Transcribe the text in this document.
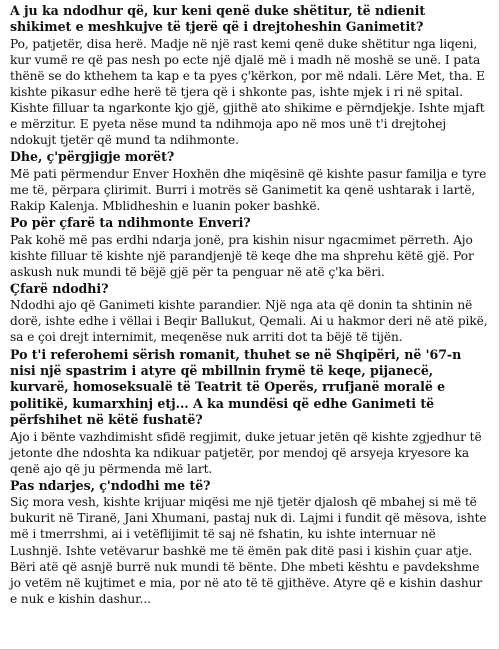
A ju ka ndodhur që, kur keni qenë duke shëtitur, të ndienit shikimet e meshkujve të tjerë që i drejtoheshin Ganimetit?

Po, patjetër, disa herë. Madje në një rast kemi qenë duke shëtitur nga liqeni, kur vumë re që pas nesh po ecte një djalë më i madh në moshë se unë. I pata thënë se do kthehem ta kap e ta pyes ç'kërkon, por më ndali. Lëre Met, tha. E kishte pikasur edhe herë të tjera që i shkonte pas, ishte mjek i ri në spital. Kishte filluar ta ngarkonte kjo gjë, gjithë ato shikime e përndjekje. Ishte mjaft e mërzitur. E pyeta nëse mund ta ndihmoja apo në mos unë t'i drejtohej ndokujt tjetër që mund ta ndihmonte.

Dhe, ç'përgjigje morët?

Më pati përmendur Enver Hoxhën dhe miqësinë që kishte pasur familja e tyre me të, përpara çlirimit. Burri i motrës së Ganimetit ka qenë ushtarak i lartë, Rakip Kalenja. Mblidheshin e luanin poker bashkë.

Po për çfarë ta ndihmonte Enveri?

Pak kohë më pas erdhi ndarja jonë, pra kishin nisur ngacmimet përreth. Ajo kishte filluar të kishte një parandjenjë të keqe dhe ma shprehu këtë gjë. Por askush nuk mundi të bëjë gjë për ta penguar në atë ç'ka bëri.

Çfarë ndodhi?

Ndodhi ajo që Ganimeti kishte parandier. Një nga ata që donin ta shtinin në dorë, ishte edhe i vëllai i Beqir Ballukut, Qemali. Ai u hakmor deri në atë pikë, sa e çoi drejt internimit, meqenëse nuk arriti dot ta bëjë të tijën.

Po t'i referohemi sërish romanit, thuhet se në Shqipëri, në '67-n nisi një spastrim i atyre që mbillnin frymë të keqe, pijanecë, kurvarë, homoseksualë të Teatrit të Operës, rrufjanë moralë e politikë, kumarxhinj etj... A ka mundësi që edhe Ganimeti të përfshihet në këtë fushatë?

Ajo i bënte vazhdimisht sfidë regjimit, duke jetuar jetën që kishte zgjedhur të jetonte dhe ndoshta ka ndikuar patjetër, por mendoj që arsyeja kryesore ka qenë ajo që ju përmenda më lart.

Pas ndarjes, ç'ndodhi me të?

Siç mora vesh, kishte krijuar miqësi me një tjetër djalosh që mbahej si më të bukurit në Tiranë, Jani Xhumani, pastaj nuk di. Lajmi i fundit që mësova, ishte më i tmerrshmi, ai i vetëflijimit të saj në fshatin, ku ishte internuar në Lushnjë. Ishte vetëvarur bashkë me të ëmën pak ditë pasi i kishin çuar atje. Bëri atë që asnjë burrë nuk mundi të bënte. Dhe mbeti kështu e pavdekshme jo vetëm në kujtimet e mia, por në ato të të gjithëve. Atyre që e kishin dashur e nuk e kishin dashur...
